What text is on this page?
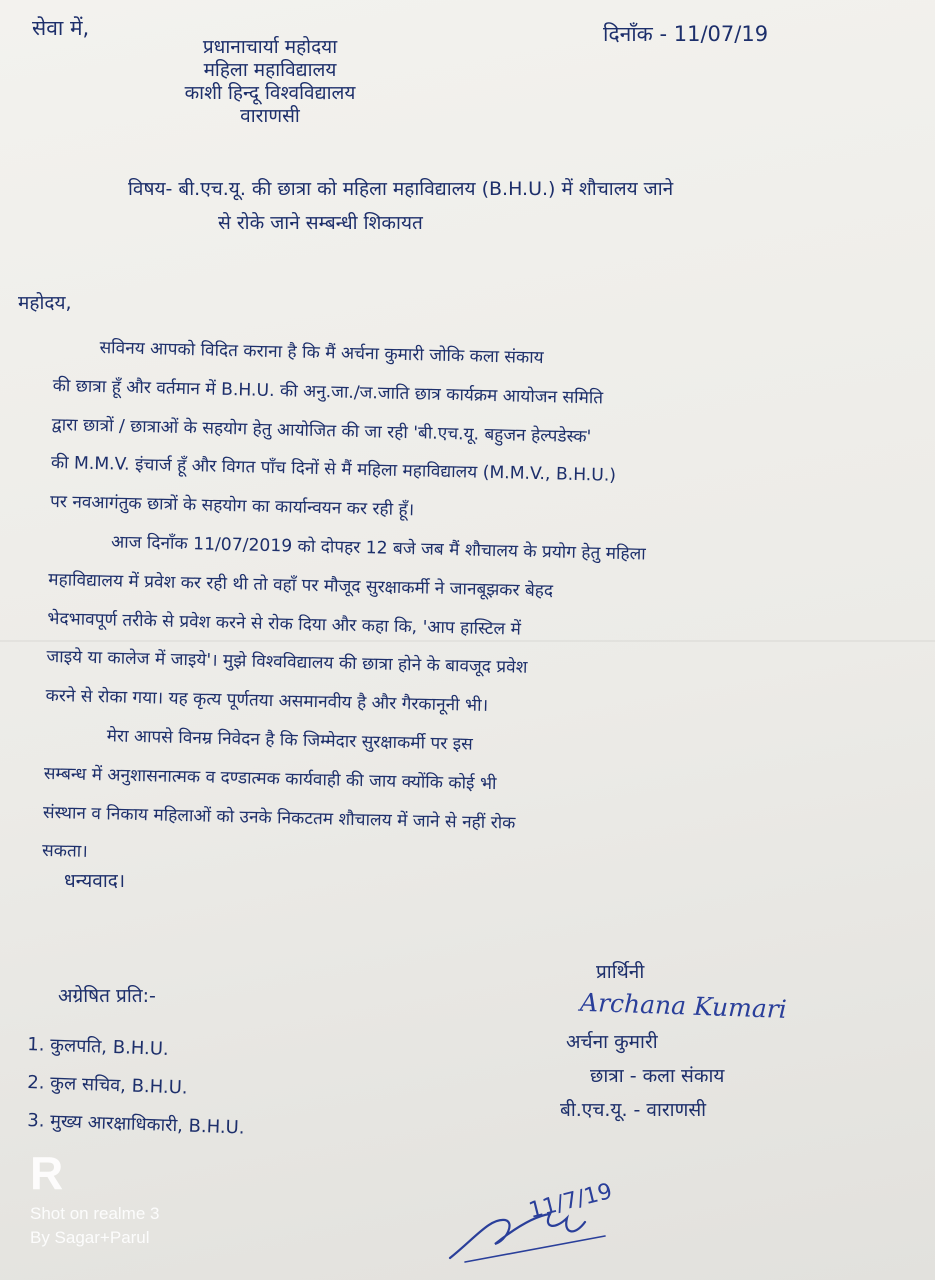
सेवा में,	दिनाँक - 11/07/19
प्रधानाचार्या महोदया
महिला महाविद्यालय
काशी हिन्दू विश्वविद्यालय
वाराणसी
विषय- बी.एच.यू. की छात्रा को महिला महाविद्यालय (B.H.U.) में शौचालय जाने
से रोके जाने सम्बन्धी शिकायत
महोदय,
सविनय आपको विदित कराना है कि मैं अर्चना कुमारी जोकि कला संकाय
की छात्रा हूँ और वर्तमान में B.H.U. की अनु.जा./ज.जाति छात्र कार्यक्रम आयोजन समिति
द्वारा छात्रों / छात्राओं के सहयोग हेतु आयोजित की जा रही 'बी.एच.यू. बहुजन हेल्पडेस्क'
की M.M.V. इंचार्ज हूँ और विगत पाँच दिनों से मैं महिला महाविद्यालय (M.M.V., B.H.U.)
पर नवआगंतुक छात्रों के सहयोग का कार्यान्वयन कर रही हूँ।
आज दिनाँक 11/07/2019 को दोपहर 12 बजे जब मैं शौचालय के प्रयोग हेतु महिला
महाविद्यालय में प्रवेश कर रही थी तो वहाँ पर मौजूद सुरक्षाकर्मी ने जानबूझकर बेहद
भेदभावपूर्ण तरीके से प्रवेश करने से रोक दिया और कहा कि, 'आप हास्टिल में
जाइये या कालेज में जाइये'। मुझे विश्वविद्यालय की छात्रा होने के बावजूद प्रवेश
करने से रोका गया। यह कृत्य पूर्णतया असमानवीय है और गैरकानूनी भी।
मेरा आपसे विनम्र निवेदन है कि जिम्मेदार सुरक्षाकर्मी पर इस
सम्बन्ध में अनुशासनात्मक व दण्डात्मक कार्यवाही की जाय क्योंकि कोई भी
संस्थान व निकाय महिलाओं को उनके निकटतम शौचालय में जाने से नहीं रोक
सकता।
धन्यवाद।
अग्रेषित प्रति:-
1. कुलपति, B.H.U.
2. कुल सचिव, B.H.U.
3. मुख्य आरक्षाधिकारी, B.H.U.
प्रार्थिनी
Archana Kumari
अर्चना कुमारी
छात्रा - कला संकाय
बी.एच.यू. - वाराणसी
11/7/19
R
Shot on realme 3
By Sagar+Parul
